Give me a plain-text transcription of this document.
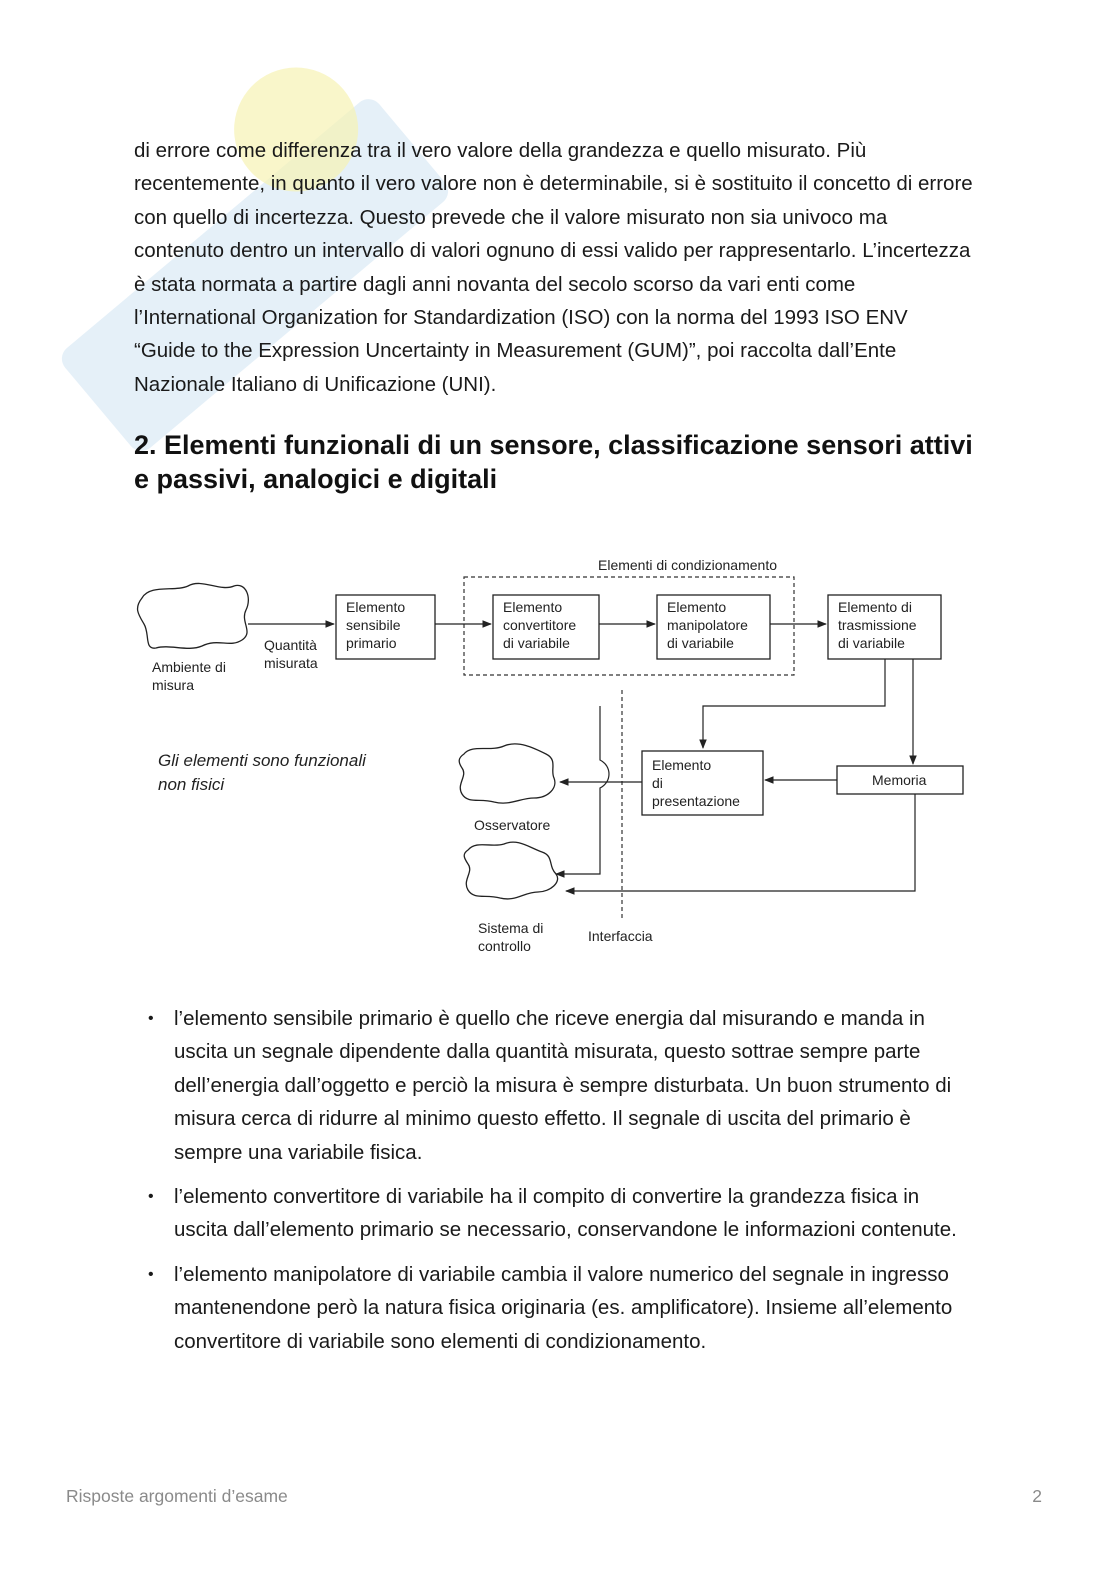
di errore come differenza tra il vero valore della grandezza e quello misurato. Più recentemente, in quanto il vero valore non è determinabile, si è sostituito il concetto di errore con quello di incertezza. Questo prevede che il valore misurato non sia univoco ma contenuto dentro un intervallo di valori ognuno di essi valido per rappresentarlo. L’incertezza è stata normata a partire dagli anni novanta del secolo scorso da vari enti come l’International Organization for Standardization (ISO) con la norma del 1993 ISO ENV “Guide to the Expression Uncertainty in Measurement (GUM)”, poi raccolta dall’Ente Nazionale Italiano di Unificazione (UNI).

2. Elementi funzionali di un sensore, classificazione sensori attivi e passivi, analogici e digitali
Elementi di condizionamento
Ambiente di misura
Quantità misurata
Elemento sensibile primario
Elemento convertitore di variabile
Elemento manipolatore di variabile
Elemento di trasmissione di variabile
Gli elementi sono funzionali non fisici
Interfaccia
Elemento di presentazione
Memoria
Osservatore
Sistema di controllo
• l’elemento sensibile primario è quello che riceve energia dal misurando e manda in uscita un segnale dipendente dalla quantità misurata, questo sottrae sempre parte dell’energia dall’oggetto e perciò la misura è sempre disturbata. Un buon strumento di misura cerca di ridurre al minimo questo effetto. Il segnale di uscita del primario è sempre una variabile fisica.
• l’elemento convertitore di variabile ha il compito di convertire la grandezza fisica in uscita dall’elemento primario se necessario, conservandone le informazioni contenute.
• l’elemento manipolatore di variabile cambia il valore numerico del segnale in ingresso mantenendone però la natura fisica originaria (es. amplificatore). Insieme all’elemento convertitore di variabile sono elementi di condizionamento.
Risposte argomenti d’esame	2
